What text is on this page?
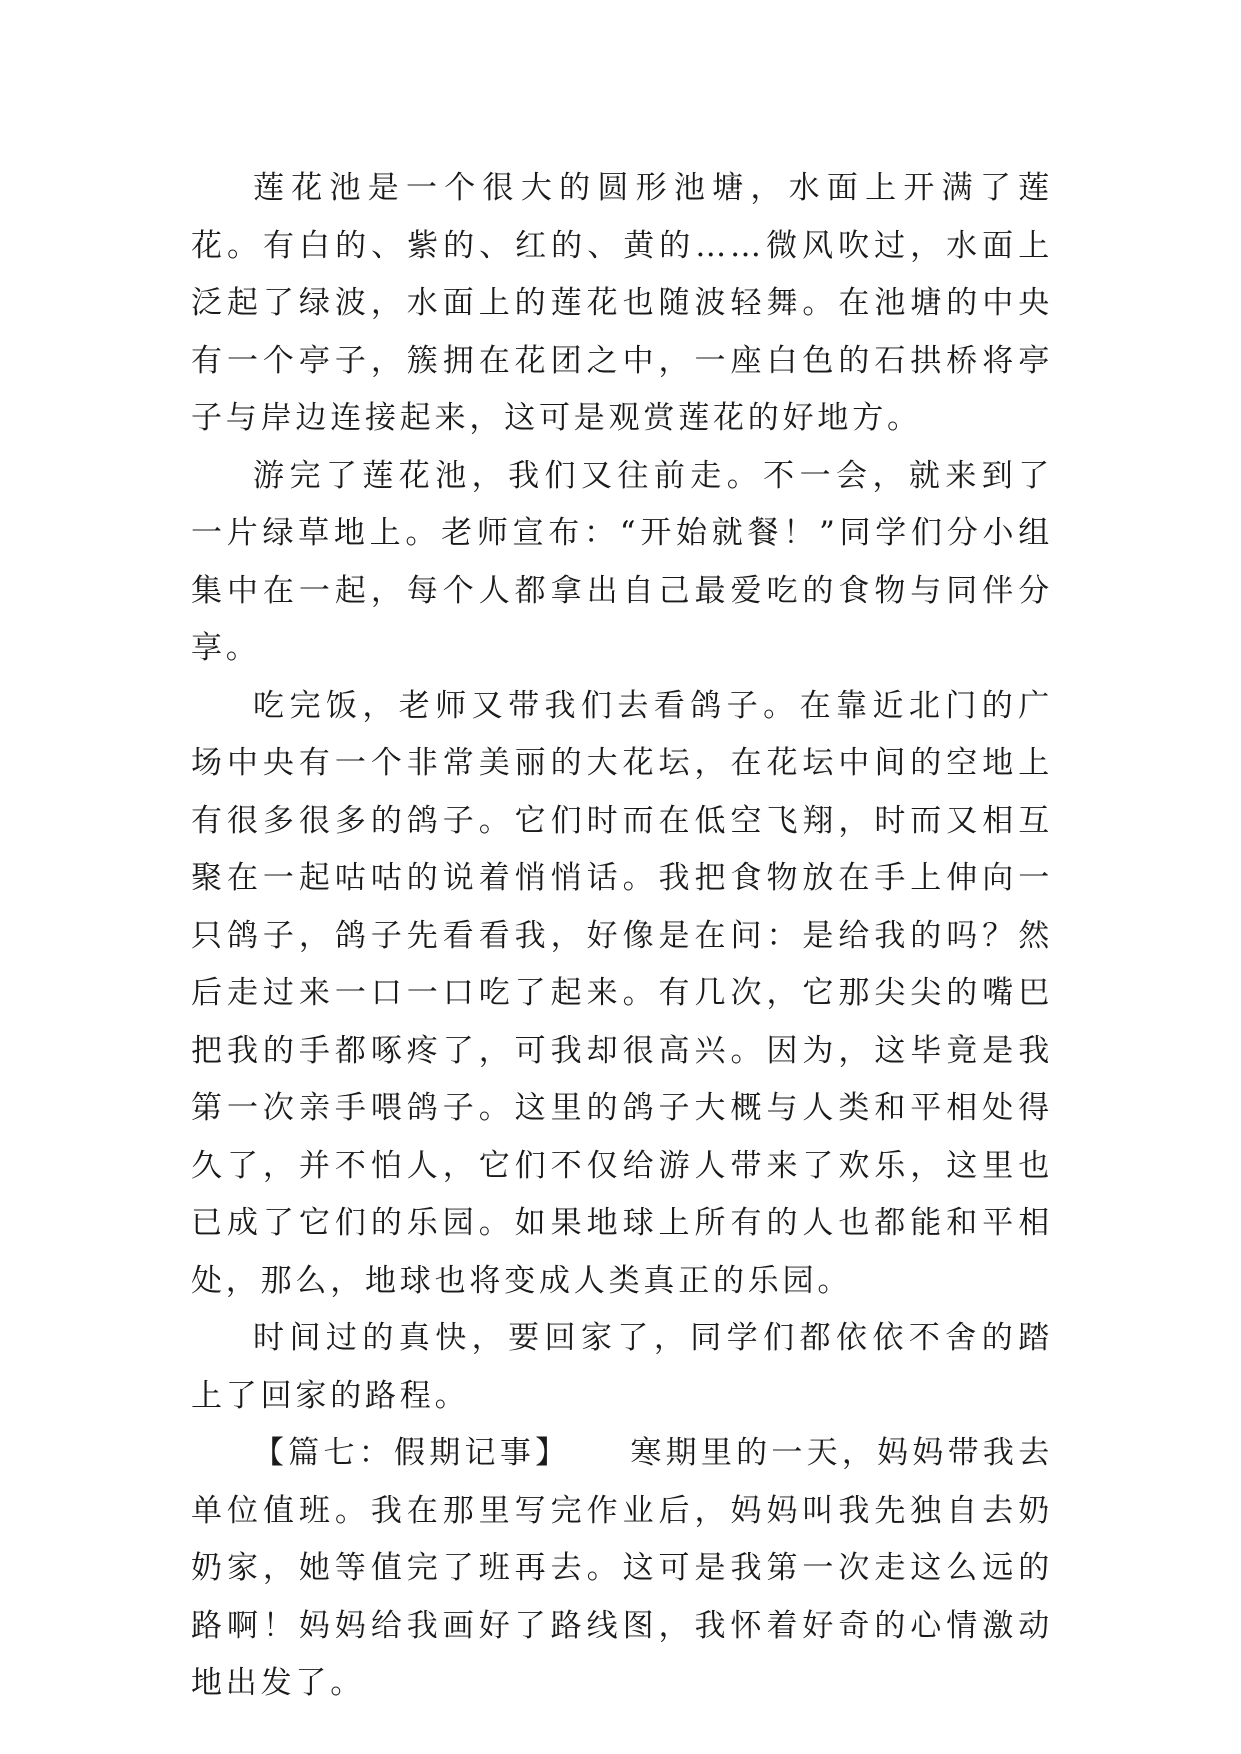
莲花池是一个很大的圆形池塘，水面上开满了莲花。有白的、紫的、红的、黄的……微风吹过，水面上泛起了绿波，水面上的莲花也随波轻舞。在池塘的中央有一个亭子，簇拥在花团之中，一座白色的石拱桥将亭子与岸边连接起来，这可是观赏莲花的好地方。

游完了莲花池，我们又往前走。不一会，就来到了一片绿草地上。老师宣布：“开始就餐！”同学们分小组集中在一起，每个人都拿出自己最爱吃的食物与同伴分享。

吃完饭，老师又带我们去看鸽子。在靠近北门的广场中央有一个非常美丽的大花坛，在花坛中间的空地上有很多很多的鸽子。它们时而在低空飞翔，时而又相互聚在一起咕咕的说着悄悄话。我把食物放在手上伸向一只鸽子，鸽子先看看我，好像是在问：是给我的吗？然后走过来一口一口吃了起来。有几次，它那尖尖的嘴巴把我的手都啄疼了，可我却很高兴。因为，这毕竟是我第一次亲手喂鸽子。这里的鸽子大概与人类和平相处得久了，并不怕人，它们不仅给游人带来了欢乐，这里也已成了它们的乐园。如果地球上所有的人也都能和平相处，那么，地球也将变成人类真正的乐园。

时间过的真快，要回家了，同学们都依依不舍的踏上了回家的路程。

【篇七：假期记事】 寒期里的一天，妈妈带我去单位值班。我在那里写完作业后，妈妈叫我先独自去奶奶家，她等值完了班再去。这可是我第一次走这么远的路啊！妈妈给我画好了路线图，我怀着好奇的心情激动地出发了。
